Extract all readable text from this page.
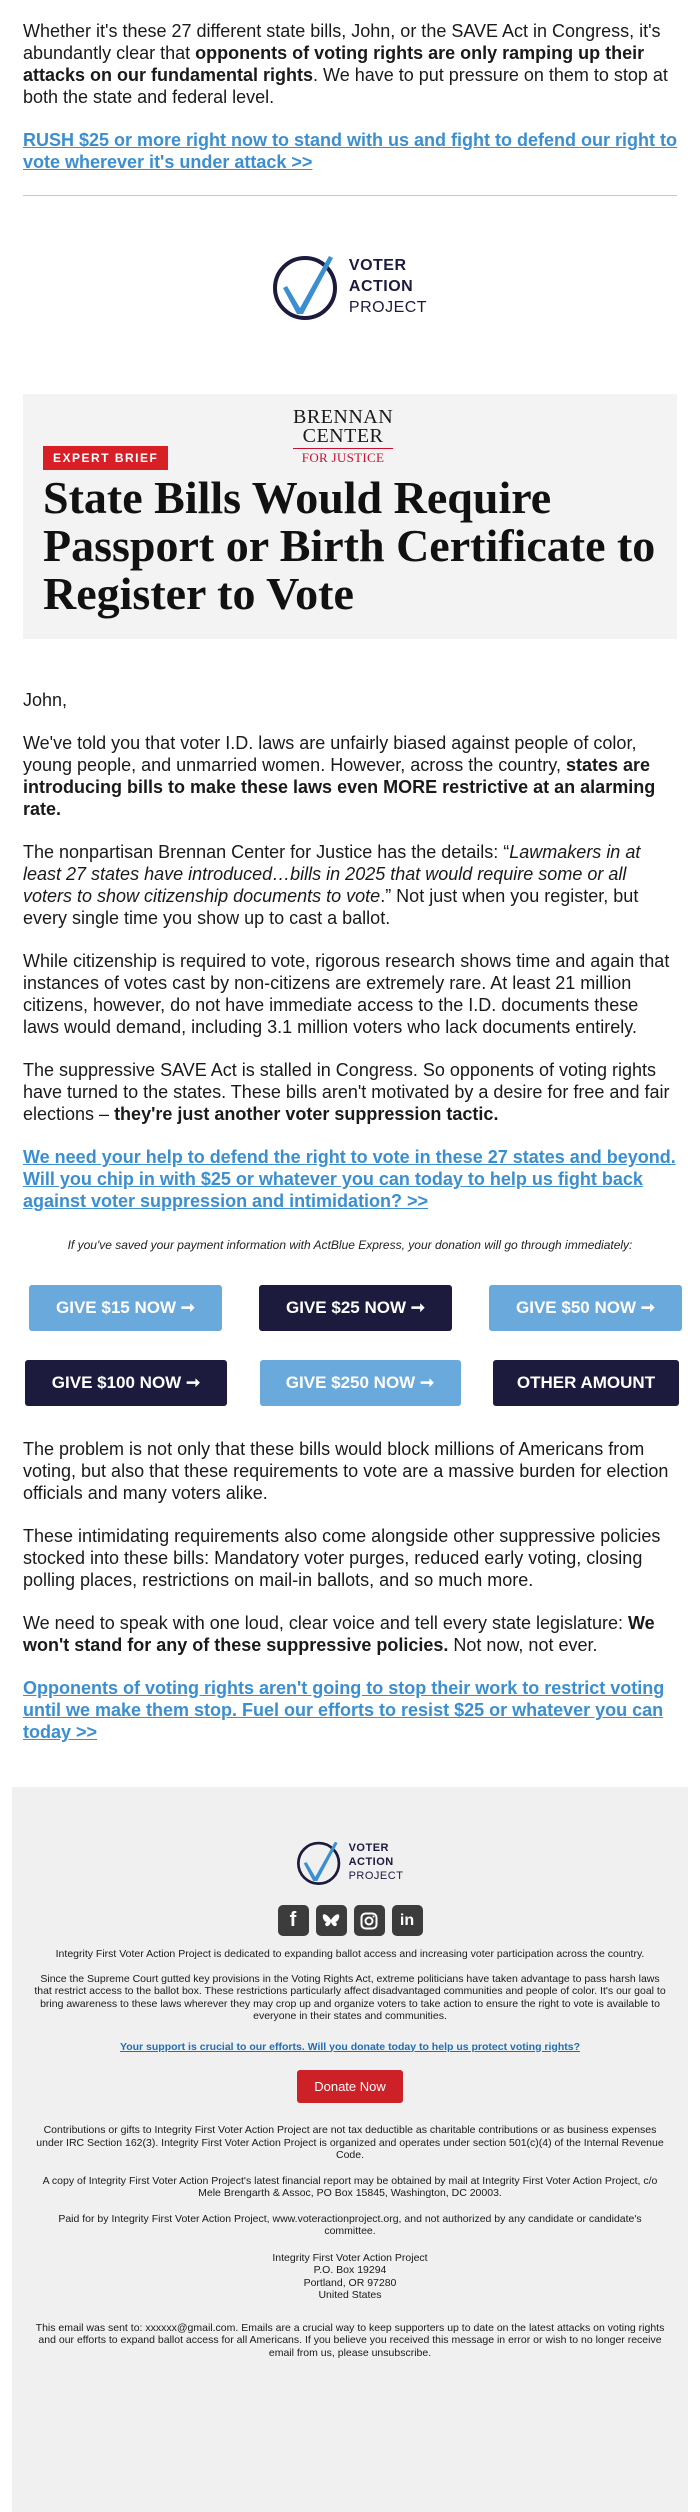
Whether it's these 27 different state bills, John, or the SAVE Act in Congress, it's abundantly clear that opponents of voting rights are only ramping up their attacks on our fundamental rights. We have to put pressure on them to stop at both the state and federal level.

RUSH $25 or more right now to stand with us and fight to defend our right to vote wherever it's under attack >>
VOTER
ACTION
PROJECT
BRENNAN
CENTER
FOR JUSTICE
EXPERT BRIEF
State Bills Would Require Passport or Birth Certificate to Register to Vote

John,

We've told you that voter I.D. laws are unfairly biased against people of color, young people, and unmarried women. However, across the country, states are introducing bills to make these laws even MORE restrictive at an alarming rate.

The nonpartisan Brennan Center for Justice has the details: “Lawmakers in at least 27 states have introduced…bills in 2025 that would require some or all voters to show citizenship documents to vote.” Not just when you register, but every single time you show up to cast a ballot.

While citizenship is required to vote, rigorous research shows time and again that instances of votes cast by non-citizens are extremely rare. At least 21 million citizens, however, do not have immediate access to the I.D. documents these laws would demand, including 3.1 million voters who lack documents entirely.

The suppressive SAVE Act is stalled in Congress. So opponents of voting rights have turned to the states. These bills aren't motivated by a desire for free and fair elections – they're just another voter suppression tactic.

We need your help to defend the right to vote in these 27 states and beyond. Will you chip in with $25 or whatever you can today to help us fight back against voter suppression and intimidation? >>

If you've saved your payment information with ActBlue Express, your donation will go through immediately:

GIVE $15 NOW ➞	GIVE $25 NOW ➞	GIVE $50 NOW ➞
GIVE $100 NOW ➞	GIVE $250 NOW ➞	OTHER AMOUNT

The problem is not only that these bills would block millions of Americans from voting, but also that these requirements to vote are a massive burden for election officials and many voters alike.

These intimidating requirements also come alongside other suppressive policies stocked into these bills: Mandatory voter purges, reduced early voting, closing polling places, restrictions on mail-in ballots, and so much more.

We need to speak with one loud, clear voice and tell every state legislature: We won't stand for any of these suppressive policies. Not now, not ever.

Opponents of voting rights aren't going to stop their work to restrict voting until we make them stop. Fuel our efforts to resist $25 or whatever you can today >>
VOTER
ACTION
PROJECT
f	in

Integrity First Voter Action Project is dedicated to expanding ballot access and increasing voter participation across the country.

Since the Supreme Court gutted key provisions in the Voting Rights Act, extreme politicians have taken advantage to pass harsh laws that restrict access to the ballot box. These restrictions particularly affect disadvantaged communities and people of color. It's our goal to bring awareness to these laws wherever they may crop up and organize voters to take action to ensure the right to vote is available to everyone in their states and communities.

Your support is crucial to our efforts. Will you donate today to help us protect voting rights?

Donate Now

Contributions or gifts to Integrity First Voter Action Project are not tax deductible as charitable contributions or as business expenses under IRC Section 162(3). Integrity First Voter Action Project is organized and operates under section 501(c)(4) of the Internal Revenue Code.

A copy of Integrity First Voter Action Project's latest financial report may be obtained by mail at Integrity First Voter Action Project, c/o Mele Brengarth & Assoc, PO Box 15845, Washington, DC 20003.

Paid for by Integrity First Voter Action Project, www.voteractionproject.org, and not authorized by any candidate or candidate's committee.

Integrity First Voter Action Project
P.O. Box 19294
Portland, OR 97280
United States

This email was sent to: xxxxxx@gmail.com. Emails are a crucial way to keep supporters up to date on the latest attacks on voting rights and our efforts to expand ballot access for all Americans. If you believe you received this message in error or wish to no longer receive email from us, please unsubscribe.
